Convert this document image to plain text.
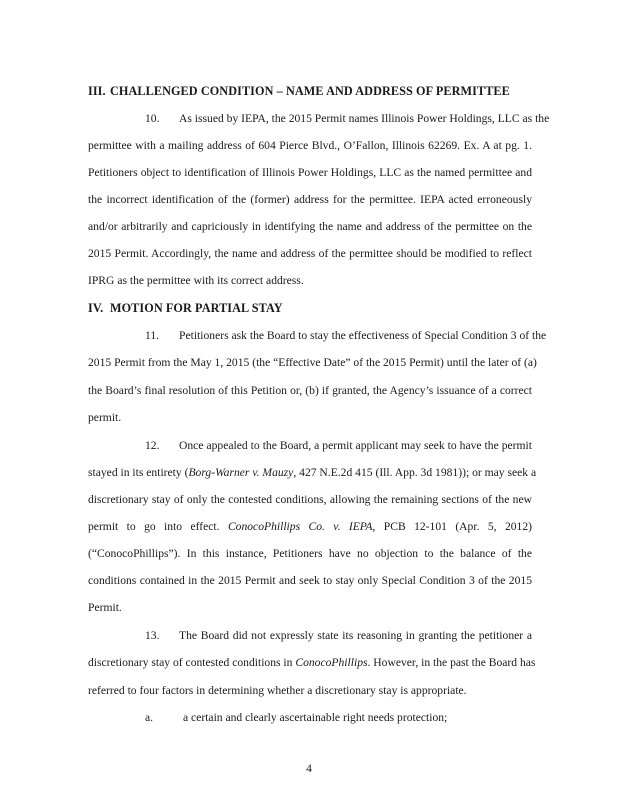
III. CHALLENGED CONDITION – NAME AND ADDRESS OF PERMITTEE
10. As issued by IEPA, the 2015 Permit names Illinois Power Holdings, LLC as the
permittee with a mailing address of 604 Pierce Blvd., O’Fallon, Illinois 62269. Ex. A at pg. 1.
Petitioners object to identification of Illinois Power Holdings, LLC as the named permittee and
the incorrect identification of the (former) address for the permittee. IEPA acted erroneously
and/or arbitrarily and capriciously in identifying the name and address of the permittee on the
2015 Permit. Accordingly, the name and address of the permittee should be modified to reflect
IPRG as the permittee with its correct address.
IV. MOTION FOR PARTIAL STAY
11. Petitioners ask the Board to stay the effectiveness of Special Condition 3 of the
2015 Permit from the May 1, 2015 (the “Effective Date” of the 2015 Permit) until the later of (a)
the Board’s final resolution of this Petition or, (b) if granted, the Agency’s issuance of a correct
permit.
12. Once appealed to the Board, a permit applicant may seek to have the permit
stayed in its entirety (Borg-Warner v. Mauzy, 427 N.E.2d 415 (Ill. App. 3d 1981)); or may seek a
discretionary stay of only the contested conditions, allowing the remaining sections of the new
permit to go into effect. ConocoPhillips Co. v. IEPA, PCB 12-101 (Apr. 5, 2012)
(“ConocoPhillips”). In this instance, Petitioners have no objection to the balance of the
conditions contained in the 2015 Permit and seek to stay only Special Condition 3 of the 2015
Permit.
13. The Board did not expressly state its reasoning in granting the petitioner a
discretionary stay of contested conditions in ConocoPhillips. However, in the past the Board has
referred to four factors in determining whether a discretionary stay is appropriate.
a.	a certain and clearly ascertainable right needs protection;
4
